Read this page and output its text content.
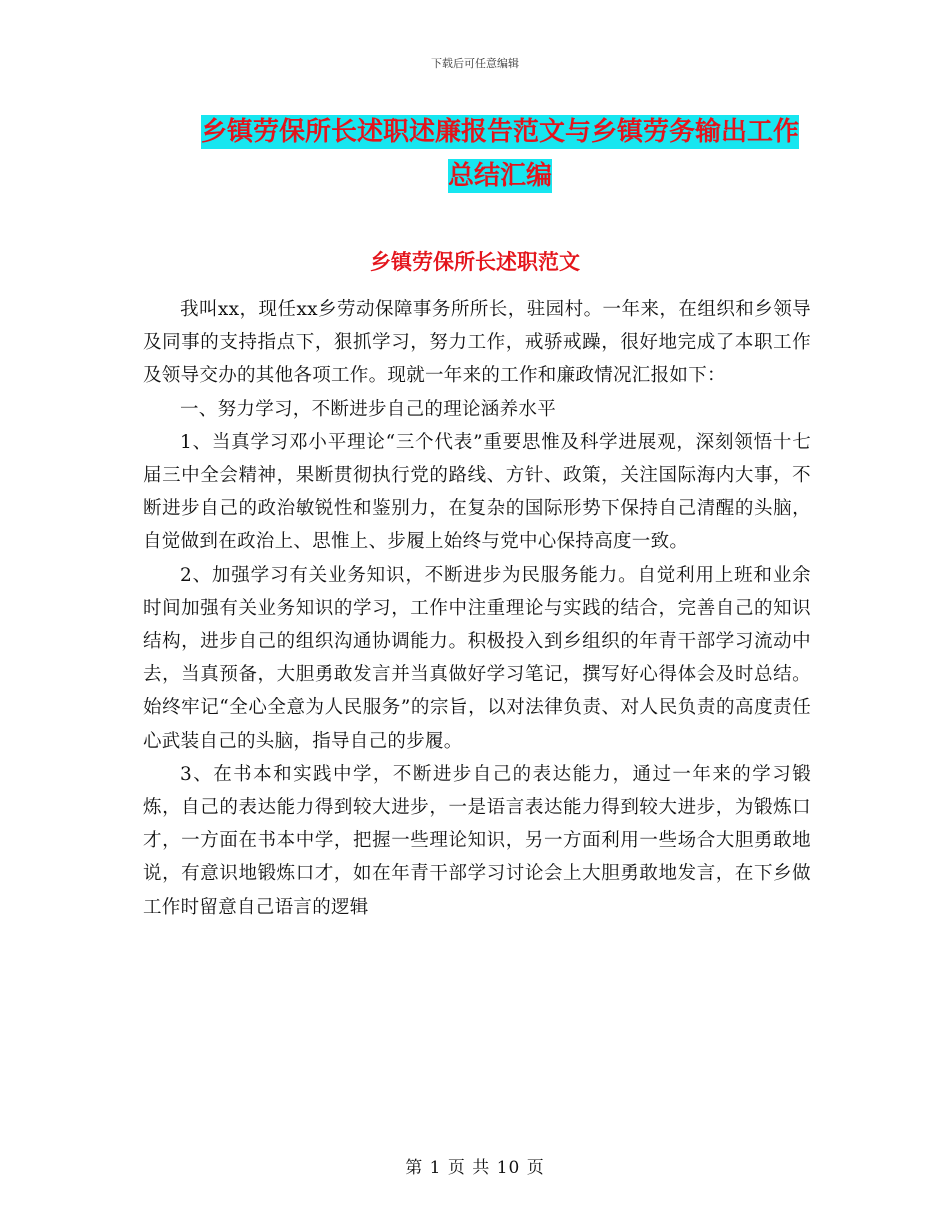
下载后可任意编辑
乡镇劳保所长述职述廉报告范文与乡镇劳务输出工作
总结汇编
乡镇劳保所长述职范文

我叫xx，现任xx乡劳动保障事务所所长，驻园村。一年来，在组织和乡领导及同事的支持指点下，狠抓学习，努力工作，戒骄戒躁，很好地完成了本职工作及领导交办的其他各项工作。现就一年来的工作和廉政情况汇报如下：

一、努力学习，不断进步自己的理论涵养水平

1、当真学习邓小平理论“三个代表”重要思惟及科学进展观，深刻领悟十七届三中全会精神，果断贯彻执行党的路线、方针、政策，关注国际海内大事，不断进步自己的政治敏锐性和鉴别力，在复杂的国际形势下保持自己清醒的头脑，自觉做到在政治上、思惟上、步履上始终与党中心保持高度一致。

2、加强学习有关业务知识，不断进步为民服务能力。自觉利用上班和业余时间加强有关业务知识的学习，工作中注重理论与实践的结合，完善自己的知识结构，进步自己的组织沟通协调能力。积极投入到乡组织的年青干部学习流动中去，当真预备，大胆勇敢发言并当真做好学习笔记，撰写好心得体会及时总结。始终牢记“全心全意为人民服务”的宗旨，以对法律负责、对人民负责的高度责任心武装自己的头脑，指导自己的步履。

3、在书本和实践中学，不断进步自己的表达能力，通过一年来的学习锻炼，自己的表达能力得到较大进步，一是语言表达能力得到较大进步，为锻炼口才，一方面在书本中学，把握一些理论知识，另一方面利用一些场合大胆勇敢地说，有意识地锻炼口才，如在年青干部学习讨论会上大胆勇敢地发言，在下乡做工作时留意自己语言的逻辑

第 1 页 共 10 页
